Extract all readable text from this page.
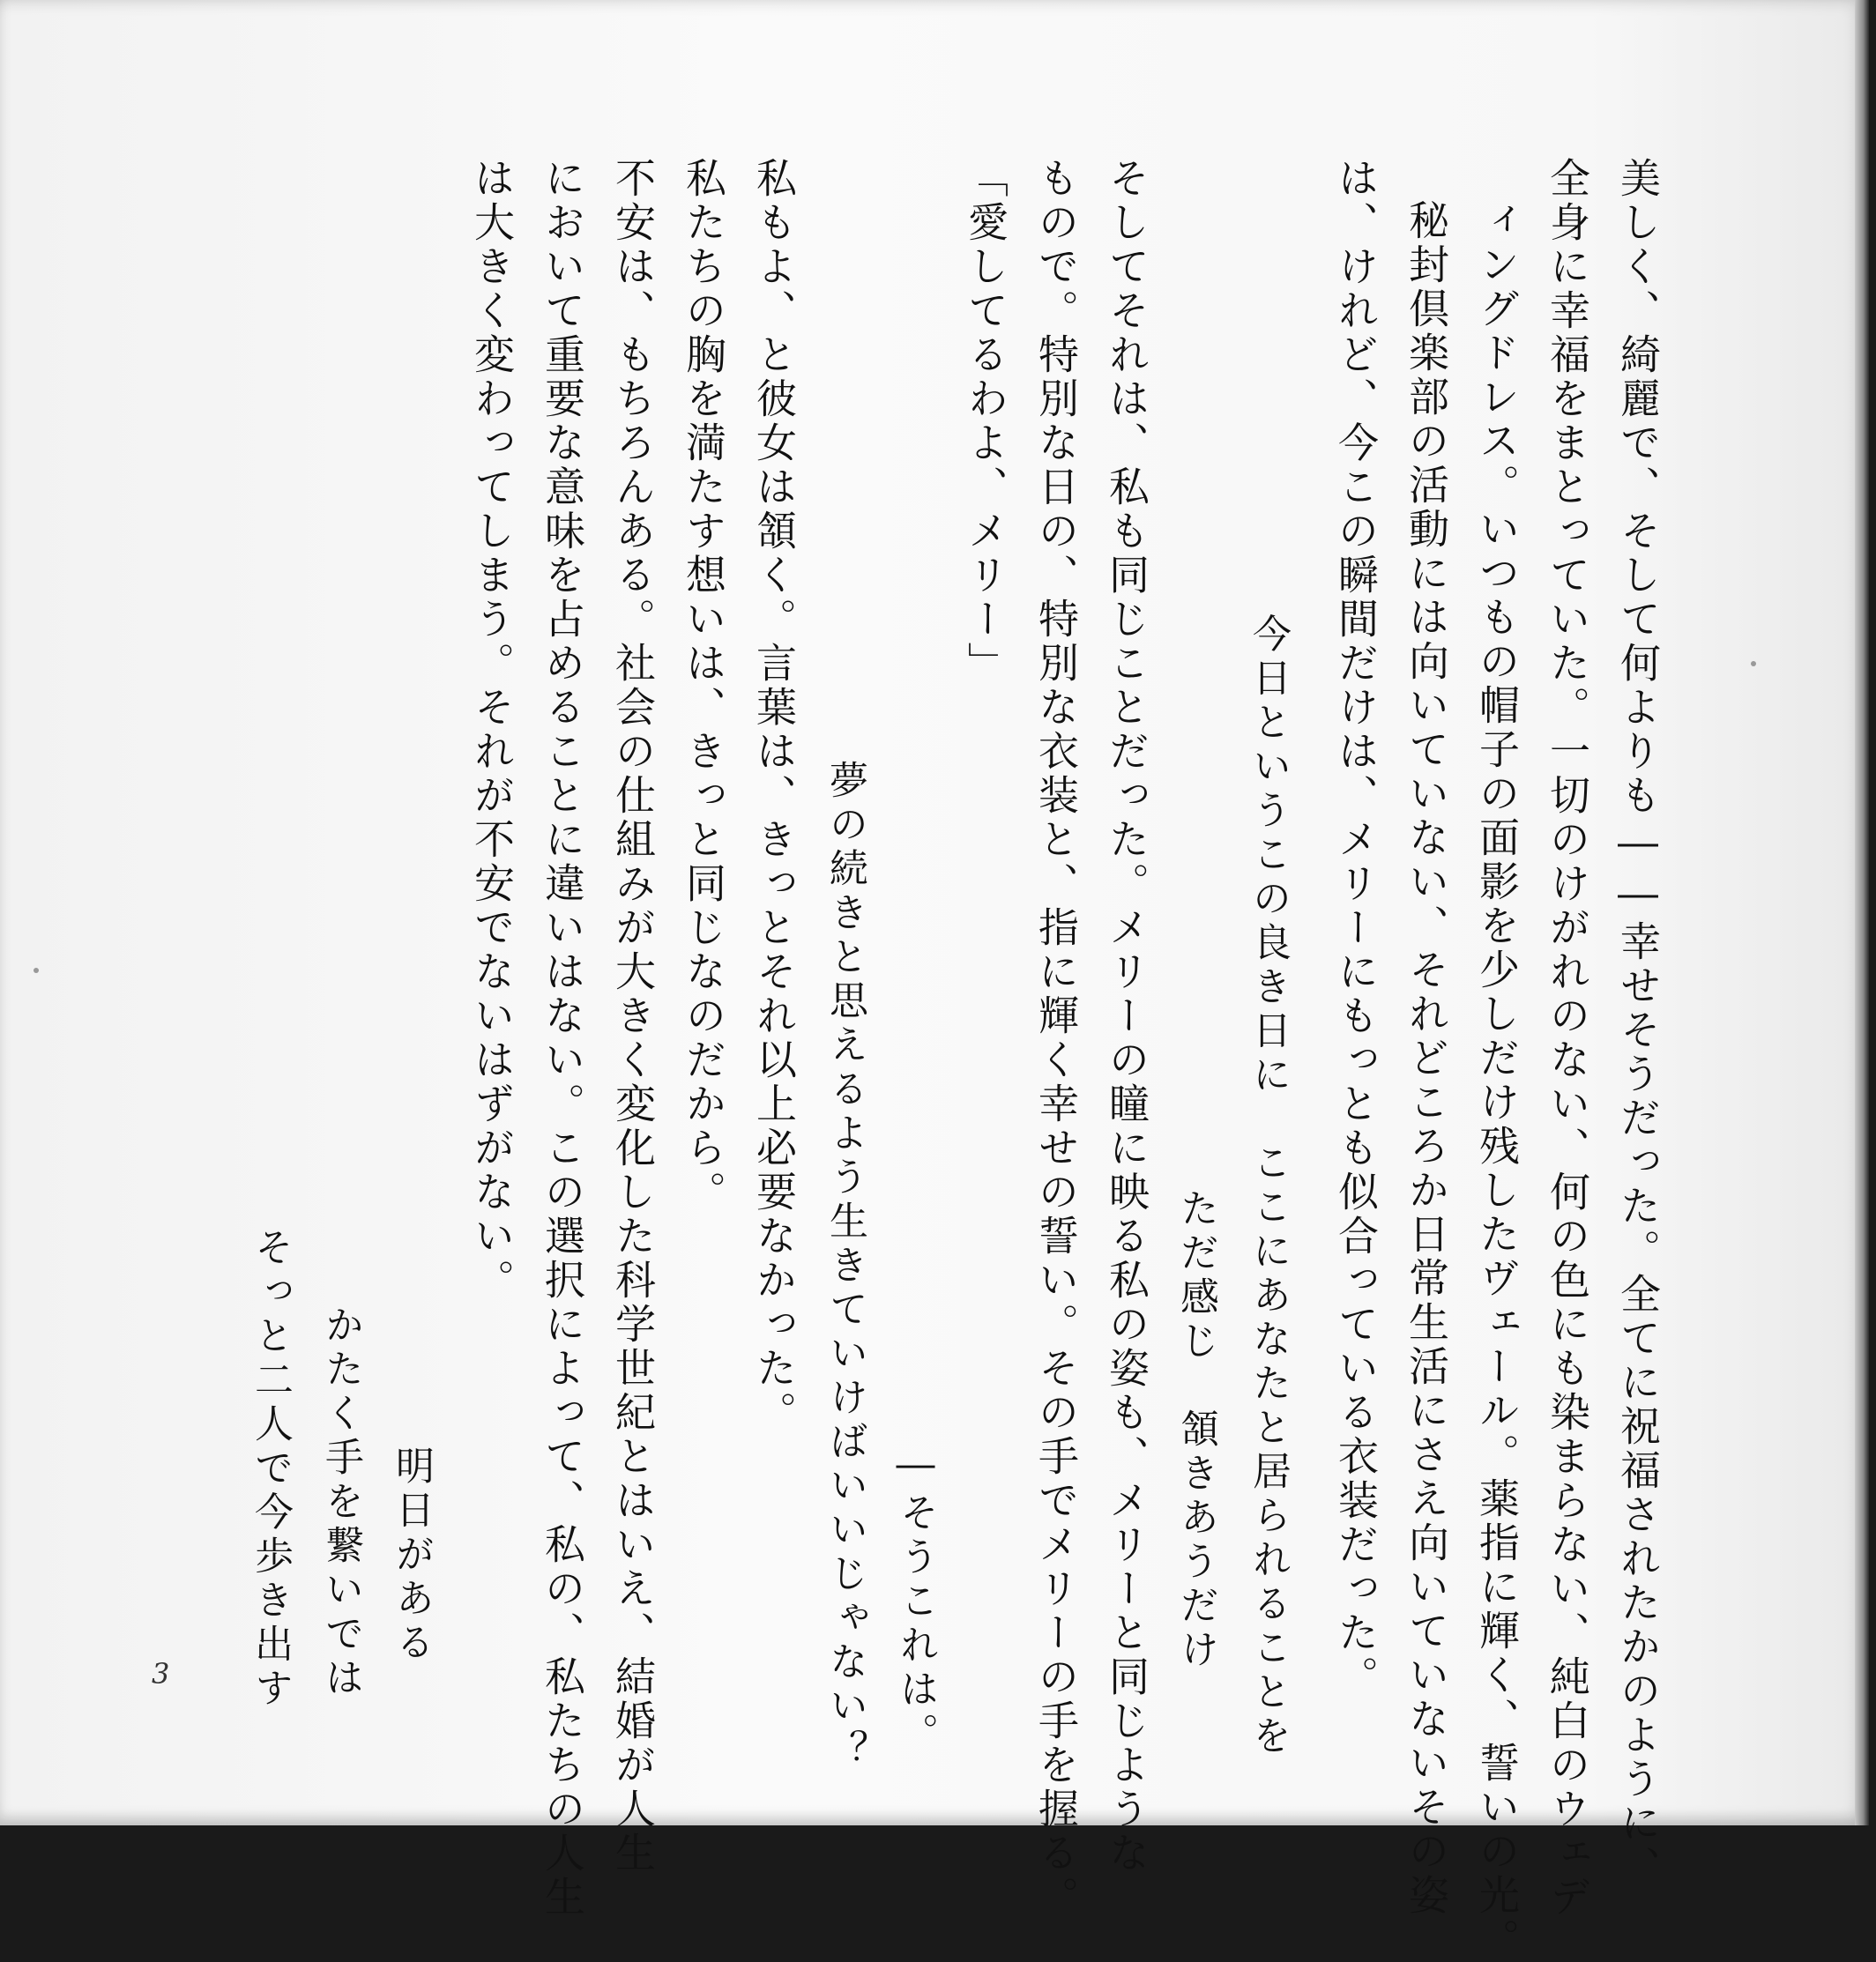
美しく、綺麗で、そして何よりも――幸せそうだった。全てに祝福されたかのように、
全身に幸福をまとっていた。一切のけがれのない、何の色にも染まらない、純白のウェデ
ィングドレス。いつもの帽子の面影を少しだけ残したヴェール。薬指に輝く、誓いの光。
秘封倶楽部の活動には向いていない、それどころか日常生活にさえ向いていないその姿
は、けれど、今この瞬間だけは、メリーにもっとも似合っている衣装だった。
今日というこの良き日に　ここにあなたと居られることを
ただ感じ　頷きあうだけ
そしてそれは、私も同じことだった。メリーの瞳に映る私の姿も、メリーと同じような
もので。特別な日の、特別な衣装と、指に輝く幸せの誓い。その手でメリーの手を握る。
「愛してるわよ、メリー」
―そうこれは。
夢の続きと思えるよう生きていけばいいじゃない？
私もよ、と彼女は頷く。言葉は、きっとそれ以上必要なかった。
私たちの胸を満たす想いは、きっと同じなのだから。
不安は、もちろんある。社会の仕組みが大きく変化した科学世紀とはいえ、結婚が人生
において重要な意味を占めることに違いはない。この選択によって、私の、私たちの人生
は大きく変わってしまう。それが不安でないはずがない。
明日がある
かたく手を繋いでは
そっと二人で今歩き出す
3
